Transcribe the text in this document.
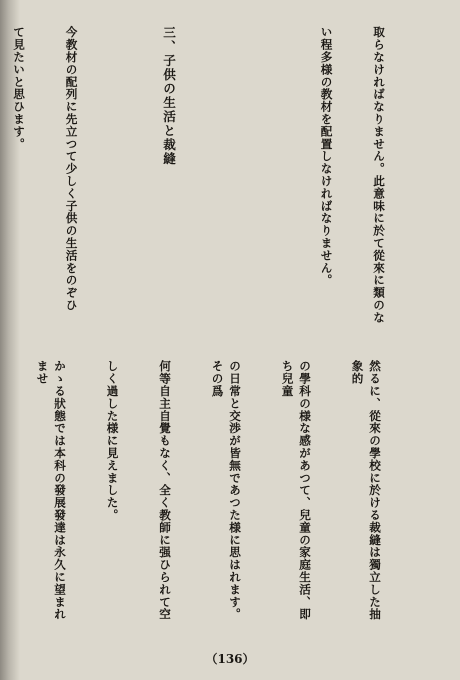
取らなければなりません。此意味に於て從來に類のな

い程多様の教材を配置しなければなりません。

三、子供の生活と裁縫

今教材の配列に先立つて少しく子供の生活をのぞひ

て見たいと思ひます。

然るに、從來の學校に於ける裁縫は獨立した抽象的

の學科の様な感があつて、兒童の家庭生活、即ち兒童

の日常と交渉が皆無であつた様に思はれます。その爲

何等自主自覺もなく、全く教師に强ひられて空

しく過した様に見えました。

かゝる狀態では本科の發展發達は永久に望まれませ

（136）
